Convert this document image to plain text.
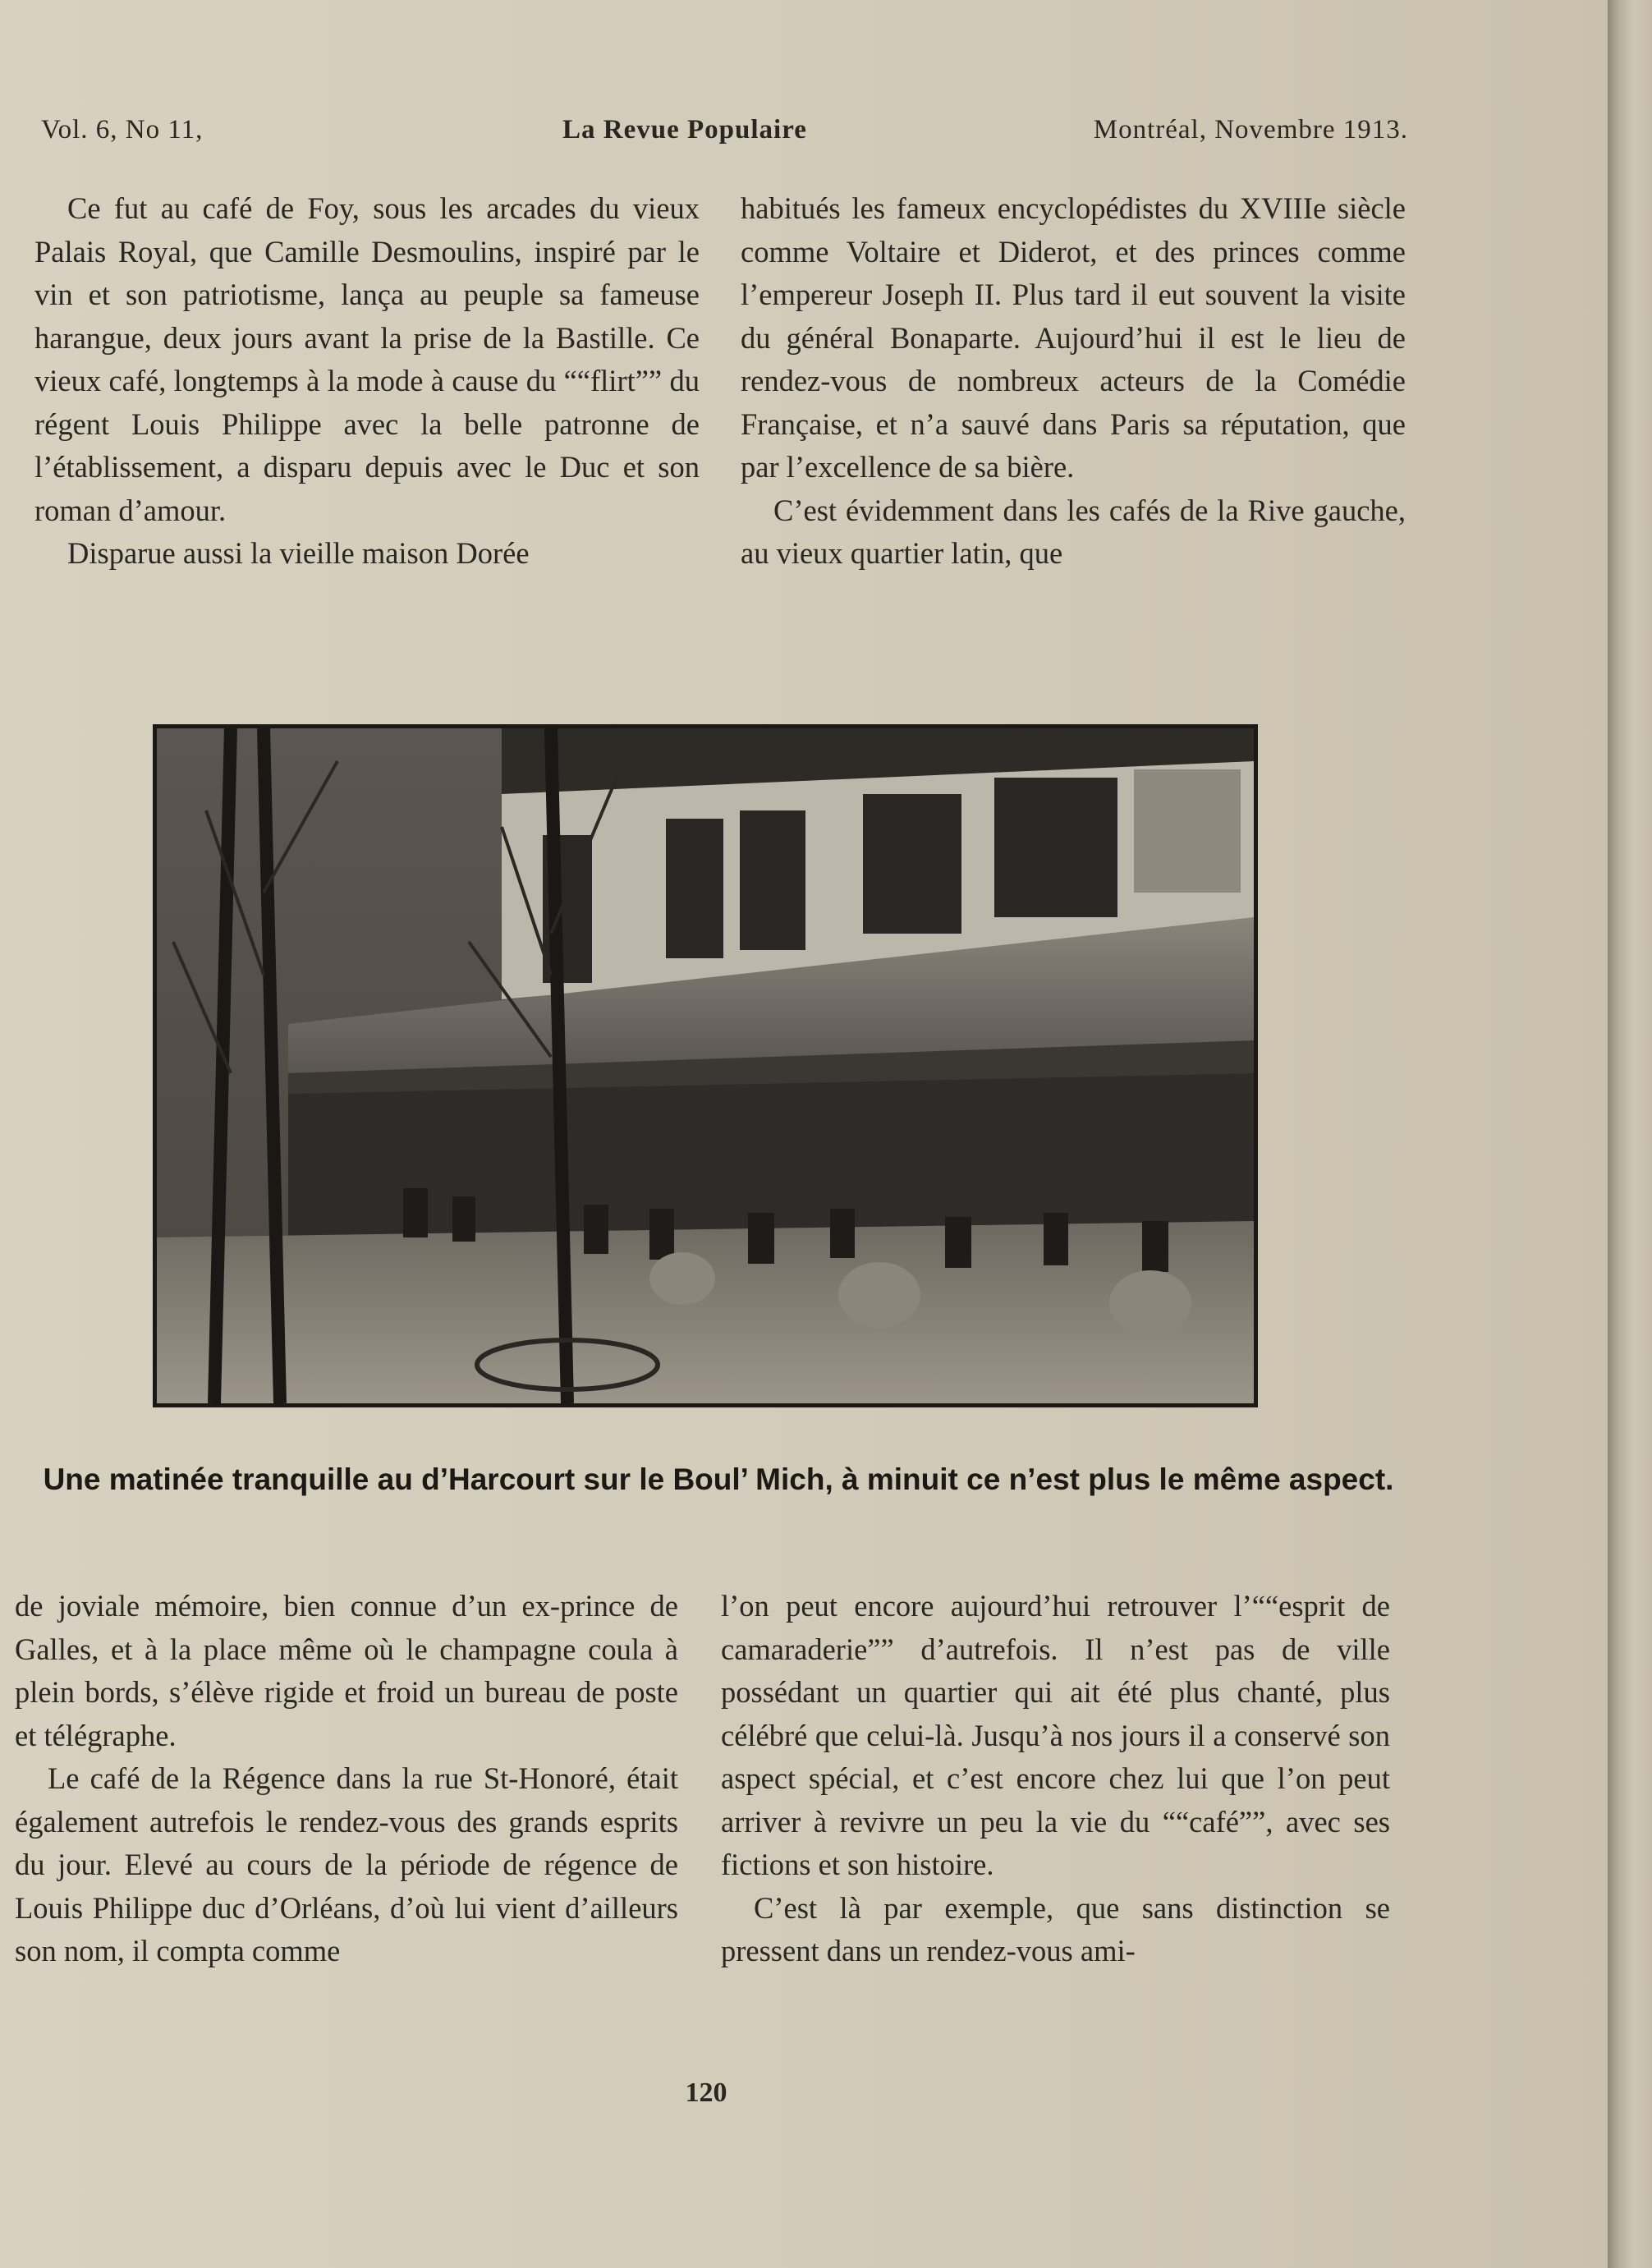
Vol. 6, No 11,	La Revue Populaire	Montréal, Novembre 1913.

Ce fut au café de Foy, sous les arcades du vieux Palais Royal, que Camille Desmoulins, inspiré par le vin et son patriotisme, lança au peuple sa fameuse harangue, deux jours avant la prise de la Bastille. Ce vieux café, longtemps à la mode à cause du ““flirt”” du régent Louis Philippe avec la belle patronne de l’établissement, a disparu depuis avec le Duc et son roman d’amour.

Disparue aussi la vieille maison Dorée

habitués les fameux encyclopédistes du XVIIIe siècle comme Voltaire et Diderot, et des princes comme l’empereur Joseph II. Plus tard il eut souvent la visite du général Bonaparte. Aujourd’hui il est le lieu de rendez-vous de nombreux acteurs de la Comédie Française, et n’a sauvé dans Paris sa réputation, que par l’excellence de sa bière.

C’est évidemment dans les cafés de la Rive gauche, au vieux quartier latin, que

Une matinée tranquille au d’Harcourt sur le Boul’ Mich, à minuit ce n’est plus le même aspect.

de joviale mémoire, bien connue d’un ex-prince de Galles, et à la place même où le champagne coula à plein bords, s’élève rigide et froid un bureau de poste et télégraphe.

Le café de la Régence dans la rue St-Honoré, était également autrefois le rendez-vous des grands esprits du jour. Elevé au cours de la période de régence de Louis Philippe duc d’Orléans, d’où lui vient d’ailleurs son nom, il compta comme

l’on peut encore aujourd’hui retrouver l’““esprit de camaraderie”” d’autrefois. Il n’est pas de ville possédant un quartier qui ait été plus chanté, plus célébré que celui-là. Jusqu’à nos jours il a conservé son aspect spécial, et c’est encore chez lui que l’on peut arriver à revivre un peu la vie du ““café””, avec ses fictions et son histoire.

C’est là par exemple, que sans distinction se pressent dans un rendez-vous ami-

120
